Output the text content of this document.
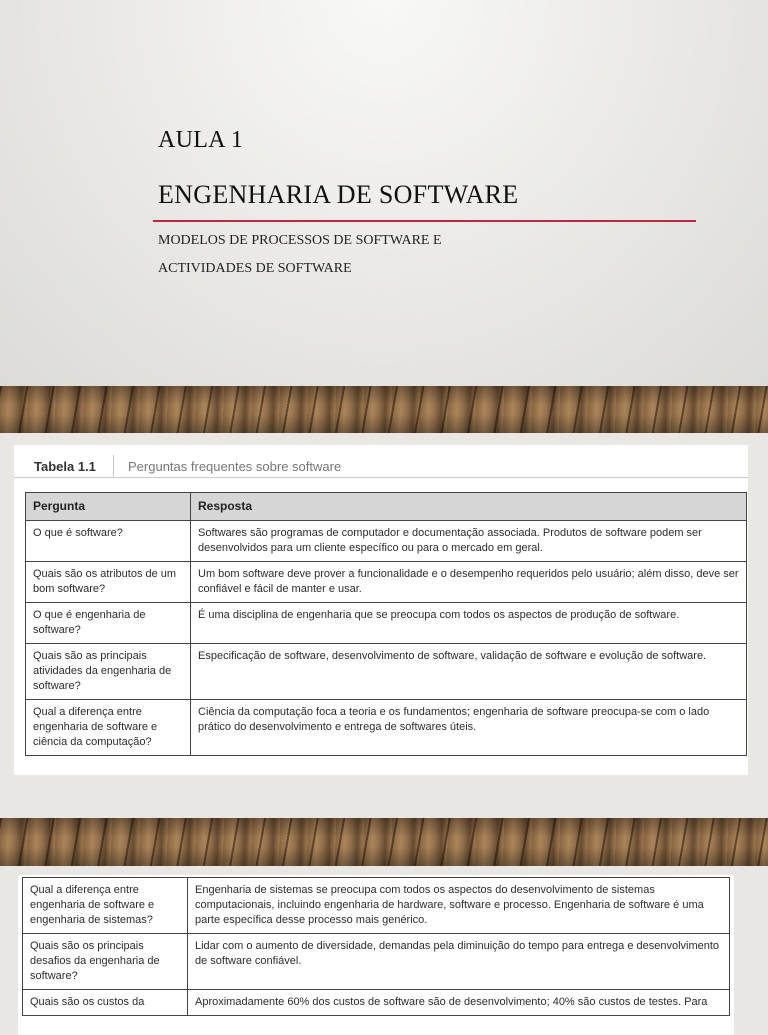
AULA 1
ENGENHARIA DE SOFTWARE
MODELOS DE PROCESSOS DE SOFTWARE E
ACTIVIDADES DE SOFTWARE
Tabela 1.1 Perguntas frequentes sobre software
Pergunta	Resposta
O que é software?	Softwares são programas de computador e documentação associada. Produtos de software podem ser desenvolvidos para um cliente específico ou para o mercado em geral.
Quais são os atributos de um bom software?	Um bom software deve prover a funcionalidade e o desempenho requeridos pelo usuário; além disso, deve ser confiável e fácil de manter e usar.
O que é engenharia de software?	É uma disciplina de engenharia que se preocupa com todos os aspectos de produção de software.
Quais são as principais atividades da engenharia de software?	Especificação de software, desenvolvimento de software, validação de software e evolução de software.
Qual a diferença entre engenharia de software e ciência da computação?	Ciência da computação foca a teoria e os fundamentos; engenharia de software preocupa-se com o lado prático do desenvolvimento e entrega de softwares úteis.
Qual a diferença entre engenharia de software e engenharia de sistemas?	Engenharia de sistemas se preocupa com todos os aspectos do desenvolvimento de sistemas computacionais, incluindo engenharia de hardware, software e processo. Engenharia de software é uma parte específica desse processo mais genérico.
Quais são os principais desafios da engenharia de software?	Lidar com o aumento de diversidade, demandas pela diminuição do tempo para entrega e desenvolvimento de software confiável.
Quais são os custos da	Aproximadamente 60% dos custos de software são de desenvolvimento; 40% são custos de testes. Para
